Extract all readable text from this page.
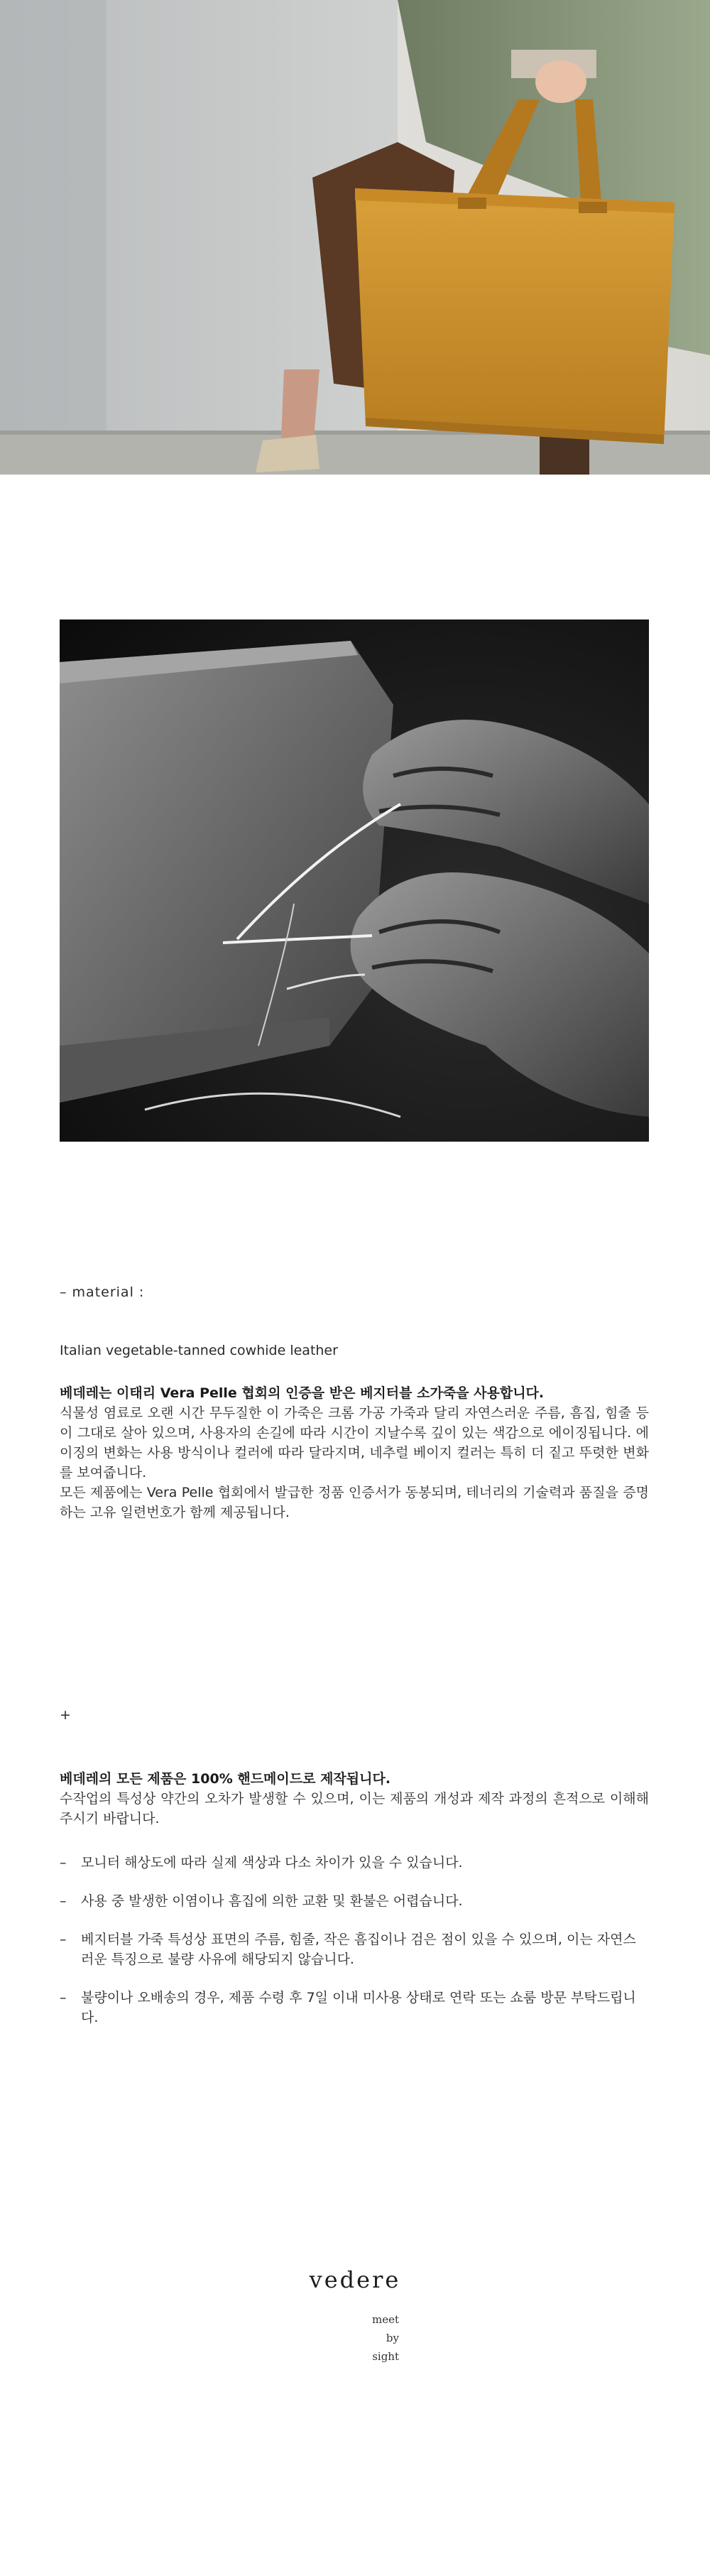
– material :
Italian vegetable-tanned cowhide leather

베데레는 이태리 Vera Pelle 협회의 인증을 받은 베지터블 소가죽을 사용합니다.

식물성 염료로 오랜 시간 무두질한 이 가죽은 크롬 가공 가죽과 달리 자연스러운 주름, 흠집, 힘줄 등이 그대로 살아 있으며, 사용자의 손길에 따라 시간이 지날수록 깊이 있는 색감으로 에이징됩니다. 에이징의 변화는 사용 방식이나 컬러에 따라 달라지며, 네추럴 베이지 컬러는 특히 더 짙고 뚜렷한 변화를 보여줍니다.

모든 제품에는 Vera Pelle 협회에서 발급한 정품 인증서가 동봉되며, 테너리의 기술력과 품질을 증명하는 고유 일련번호가 함께 제공됩니다.

+

베데레의 모든 제품은 100% 핸드메이드로 제작됩니다.

수작업의 특성상 약간의 오차가 발생할 수 있으며, 이는 제품의 개성과 제작 과정의 흔적으로 이해해주시기 바랍니다.

– 모니터 해상도에 따라 실제 색상과 다소 차이가 있을 수 있습니다.
– 사용 중 발생한 이염이나 흠집에 의한 교환 및 환불은 어렵습니다.
– 베지터블 가죽 특성상 표면의 주름, 힘줄, 작은 흠집이나 검은 점이 있을 수 있으며, 이는 자연스러운 특징으로 불량 사유에 해당되지 않습니다.
– 불량이나 오배송의 경우, 제품 수령 후 7일 이내 미사용 상태로 연락 또는 쇼룸 방문 부탁드립니다.
vedere
meet
by
sight
